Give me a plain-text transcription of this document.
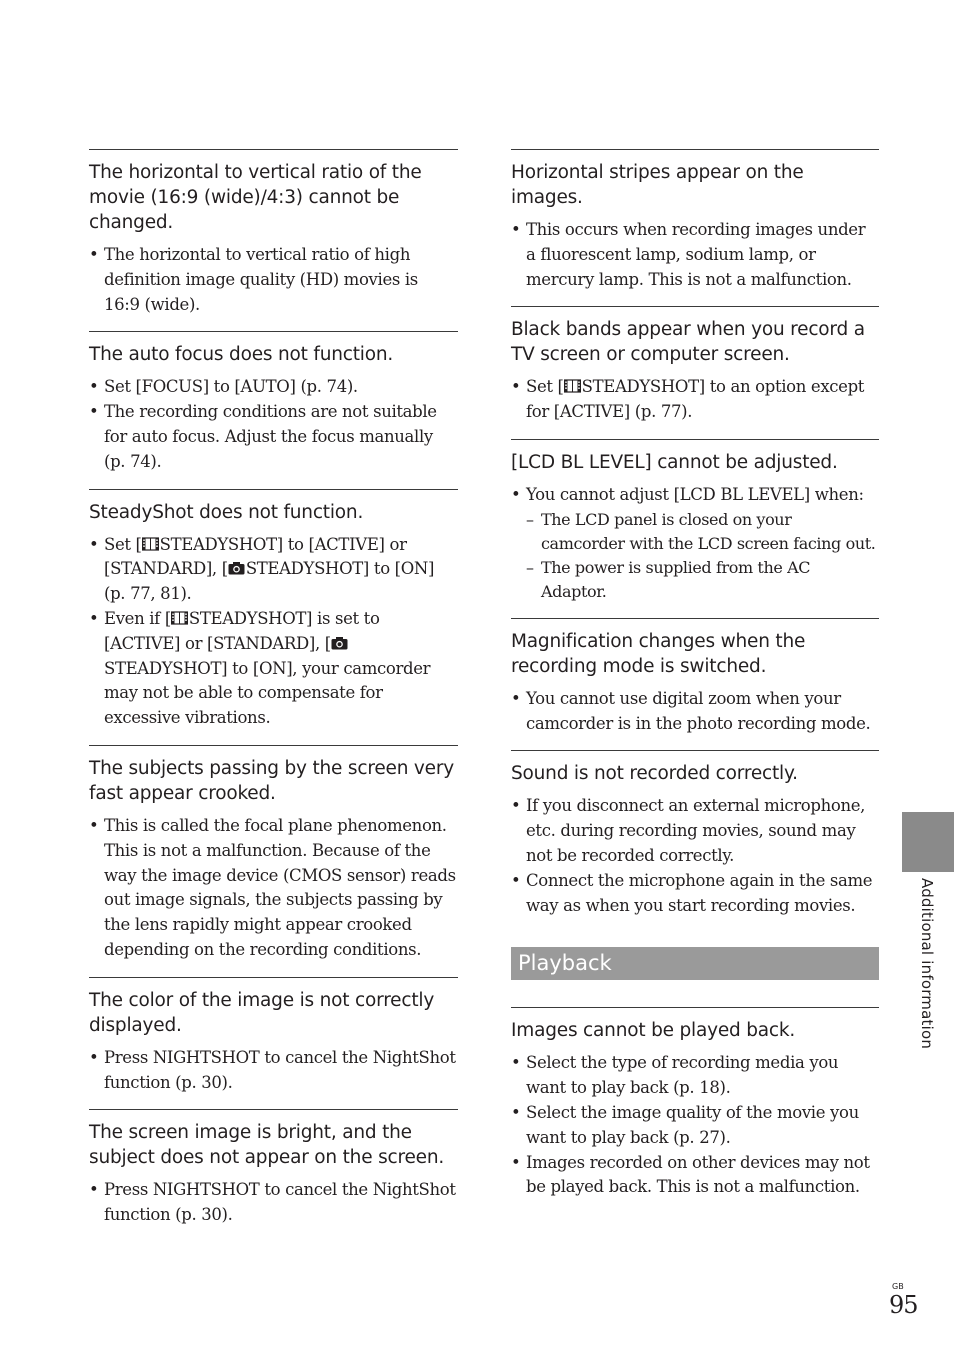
The horizontal to vertical ratio of the movie (16:9 (wide)/4:3) cannot be changed.
• The horizontal to vertical ratio of high definition image quality (HD) movies is 16:9 (wide).
The auto focus does not function.
• Set [FOCUS] to [AUTO] (p. 74).
• The recording conditions are not suitable for auto focus. Adjust the focus manually (p. 74).
SteadyShot does not function.
• Set [ STEADYSHOT] to [ACTIVE] or [STANDARD], [ STEADYSHOT] to [ON] (p. 77, 81).
• Even if [ STEADYSHOT] is set to [ACTIVE] or [STANDARD], [STEADYSHOT] to [ON], your camcorder may not be able to compensate for excessive vibrations.
The subjects passing by the screen very fast appear crooked.
• This is called the focal plane phenomenon. This is not a malfunction. Because of the way the image device (CMOS sensor) reads out image signals, the subjects passing by the lens rapidly might appear crooked depending on the recording conditions.
The color of the image is not correctly displayed.
• Press NIGHTSHOT to cancel the NightShot function (p. 30).
The screen image is bright, and the subject does not appear on the screen.
• Press NIGHTSHOT to cancel the NightShot function (p. 30).
Horizontal stripes appear on the images.
• This occurs when recording images under a fluorescent lamp, sodium lamp, or mercury lamp. This is not a malfunction.
Black bands appear when you record a TV screen or computer screen.
• Set [ STEADYSHOT] to an option except for [ACTIVE] (p. 77).
[LCD BL LEVEL] cannot be adjusted.
• You cannot adjust [LCD BL LEVEL] when:
– The LCD panel is closed on your camcorder with the LCD screen facing out.
– The power is supplied from the AC Adaptor.
Magnification changes when the recording mode is switched.
• You cannot use digital zoom when your camcorder is in the photo recording mode.
Sound is not recorded correctly.
• If you disconnect an external microphone, etc. during recording movies, sound may not be recorded correctly.
• Connect the microphone again in the same way as when you start recording movies.
Playback
Images cannot be played back.
• Select the type of recording media you want to play back (p. 18).
• Select the image quality of the movie you want to play back (p. 27).
• Images recorded on other devices may not be played back. This is not a malfunction.
Additional information
GB
95
